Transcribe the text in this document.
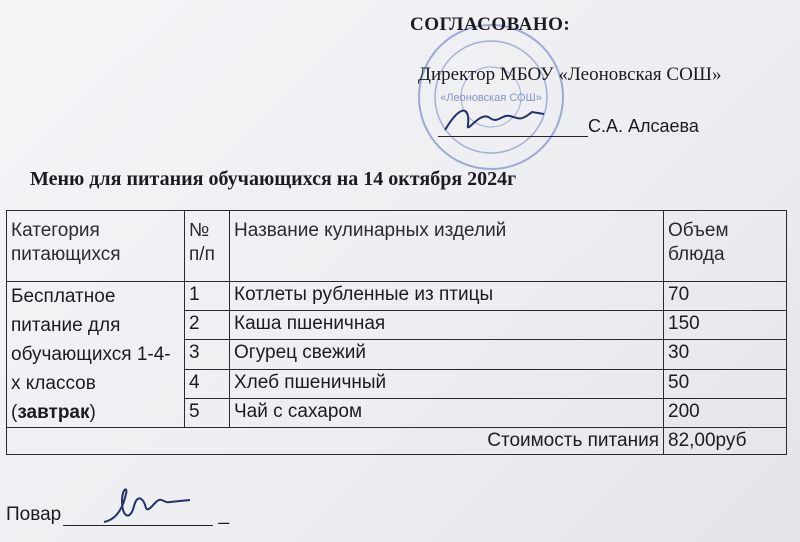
«Леоновская СОШ»
СОГЛАСОВАНО:
Директор МБОУ «Леоновская СОШ»
С.А. Алсаева
Меню для питания обучающихся на 14 октября 2024г
Категория питающихся	№ п/п	Название кулинарных изделий	Объем блюда
Бесплатное питание для обучающихся 1-4-х классов (завтрак)	1	Котлеты рубленные из птицы	70
	2	Каша пшеничная	150
	3	Огурец свежий	30
	4	Хлеб пшеничный	50
	5	Чай с сахаром	200
Стоимость питания			82,00руб
Повар	_
